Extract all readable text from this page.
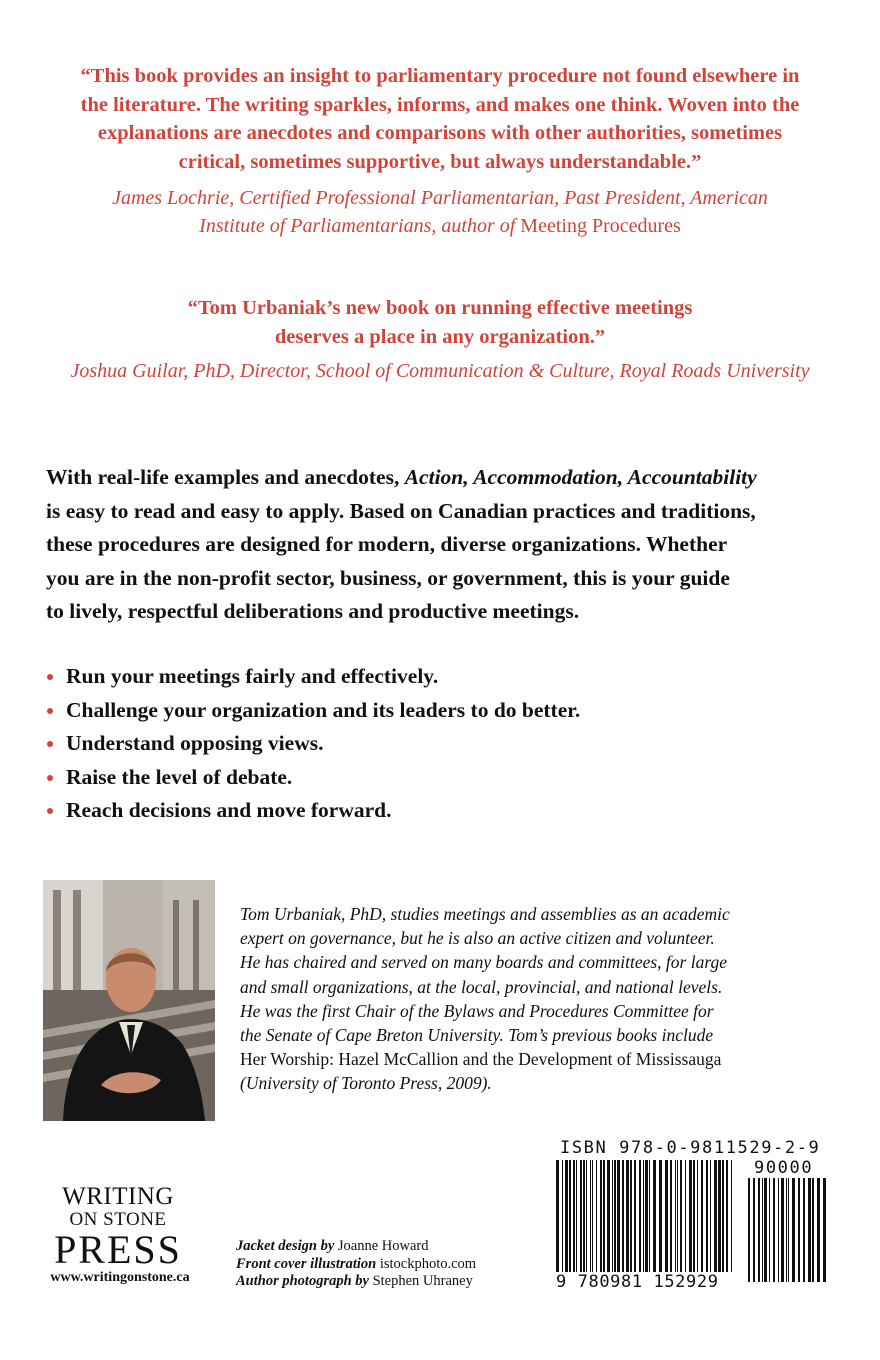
“This book provides an insight to parliamentary procedure not found elsewhere in
the literature. The writing sparkles, informs, and makes one think. Woven into the
explanations are anecdotes and comparisons with other authorities, sometimes
critical, sometimes supportive, but always understandable.”
James Lochrie, Certified Professional Parliamentarian, Past President, American
Institute of Parliamentarians, author of Meeting Procedures
“Tom Urbaniak’s new book on running effective meetings
deserves a place in any organization.”
Joshua Guilar, PhD, Director, School of Communication & Culture, Royal Roads University
With real-life examples and anecdotes, Action, Accommodation, Accountability
is easy to read and easy to apply. Based on Canadian practices and traditions,
these procedures are designed for modern, diverse organizations. Whether
you are in the non-profit sector, business, or government, this is your guide
to lively, respectful deliberations and productive meetings.
Run your meetings fairly and effectively.
Challenge your organization and its leaders to do better.
Understand opposing views.
Raise the level of debate.
Reach decisions and move forward.
Tom Urbaniak, PhD, studies meetings and assemblies as an academic
expert on governance, but he is also an active citizen and volunteer.
He has chaired and served on many boards and committees, for large
and small organizations, at the local, provincial, and national levels.
He was the first Chair of the Bylaws and Procedures Committee for
the Senate of Cape Breton University. Tom’s previous books include
Her Worship: Hazel McCallion and the Development of Mississauga
(University of Toronto Press, 2009).
WRITING
ON STONE
PRESS
www.writingonstone.ca
Jacket design by Joanne Howard
Front cover illustration istockphoto.com
Author photograph by Stephen Uhraney
ISBN 978-0-9811529-2-9
90000
9 780981 152929
